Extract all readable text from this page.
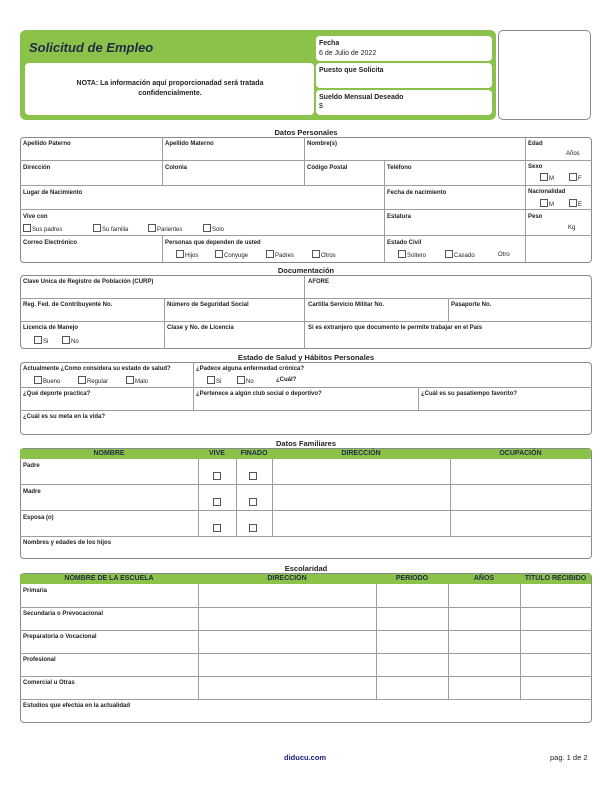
Solicitud de Empleo
NOTA: La información aquí proporcionadad será tratada confidencialmente.
Fecha
6 de Julio de 2022
Puesto que Solicita
Sueldo Mensual Deseado
$
Datos Personales
Apellido Paterno	Apellido Materno	Nombre(s)	Edad
Años
Dirección	Colonia	Código Postal	Teléfono	Sexo
M	F
Lugar de Nacimiento	Fecha de nacimiento	Nacionalidad
M	E
Vive con
Sus padres	Su familia	Parientes	Solo
Estatura	Peso
Kg
Correo Electrónico	Personas que dependen de usted
Hijos	Conyuge	Padres	Otros
Estado Civil
Soltero	Casado	Otro
Documentación
Clave Unica de Registro de Población (CURP)	AFORE
Reg. Fed. de Contribuyente No.	Número de Seguridad Social	Cartilla Servicio Militar No.	Pasaporte No.
Licencia de Manejo
Si	No
Clase y No. de Licencia	Si es extranjero que documento le permite trabajar en el País
Estado de Salud y Hábitos Personales
Actualmente ¿Como considera su estado de salud?
Bueno	Regular	Malo
¿Padece alguna enfermedad crónica?
Si	No	¿Cuál?
¿Qué deporte practica?	¿Pertenece a algún club social o deportivo?	¿Cuál es su pasatiempo favorito?
¿Cuál es su meta en la vida?
Datos Familiares
NOMBRE	VIVE	FINADO	DIRECCIÓN	OCUPACIÓN
Padre
Madre
Esposa (o)
Nombres y edades de los hijos
Escolaridad
NOMBRE DE LA ESCUELA	DIRECCIÓN	PERIODO	AÑOS	TÍTULO RECIBIDO
Primaria
Secundaria o Prevocacional
Preparatoria o Vocacional
Profesional
Comercial u Otras
Estudios que efectúa en la actualidad
diducu.com	pag. 1 de 2
